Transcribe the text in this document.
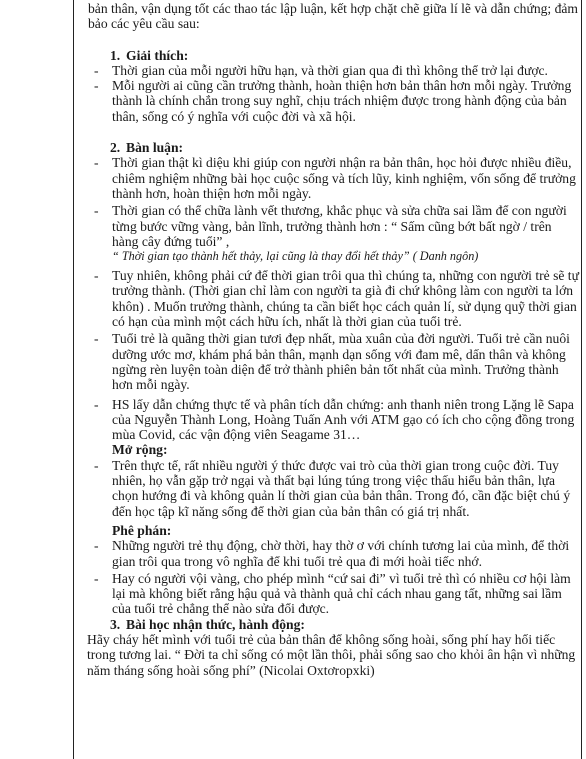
bản thân, vận dụng tốt các thao tác lập luận, kết hợp chặt chẽ giữa lí lẽ và dẫn chứng; đảm bảo các yêu cầu sau:

1. Giải thích:

- Thời gian của mỗi người hữu hạn, và thời gian qua đi thì không thể trở lại được.
- Mỗi người ai cũng cần trưởng thành, hoàn thiện hơn bản thân hơn mỗi ngày. Trưởng thành là chính chắn trong suy nghĩ, chịu trách nhiệm được trong hành động của bản thân, sống có ý nghĩa với cuộc đời và xã hội.

2. Bàn luận:

- Thời gian thật kì diệu khi giúp con người nhận ra bản thân, học hỏi được nhiều điều, chiêm nghiệm những bài học cuộc sống và tích lũy, kinh nghiệm, vốn sống để trưởng thành hơn, hoàn thiện hơn mỗi ngày.
- Thời gian có thể chữa lành vết thương, khắc phục và sửa chữa sai lầm để con người từng bước vững vàng, bản lĩnh, trưởng thành hơn : “ Sấm cũng bớt bất ngờ / trên hàng cây đứng tuổi” ,

“ Thời gian tạo thành hết thảy, lại cũng là thay đổi hết thảy” ( Danh ngôn)

- Tuy nhiên, không phải cứ để thời gian trôi qua thì chúng ta, những con người trẻ sẽ tự trưởng thành. (Thời gian chỉ làm con người ta già đi chứ không làm con người ta lớn khôn) . Muốn trưởng thành, chúng ta cần biết học cách quản lí, sử dụng quỹ thời gian có hạn của mình một cách hữu ích, nhất là thời gian của tuổi trẻ.
- Tuổi trẻ là quãng thời gian tươi đẹp nhất, mùa xuân của đời người. Tuổi trẻ cần nuôi dưỡng ước mơ, khám phá bản thân, mạnh dạn sống với đam mê, dấn thân và không ngừng rèn luyện toàn diện để trở thành phiên bản tốt nhất của mình. Trưởng thành hơn mỗi ngày.
- HS lấy dẫn chứng thực tế và phân tích dẫn chứng: anh thanh niên trong Lặng lẽ Sapa của Nguyễn Thành Long, Hoàng Tuấn Anh với ATM gạo có ích cho cộng đồng trong mùa Covid, các vận động viên Seagame 31…

Mở rộng:

- Trên thực tế, rất nhiều người ý thức được vai trò của thời gian trong cuộc đời. Tuy nhiên, họ vẫn gặp trở ngại và thất bại lúng túng trong việc thấu hiểu bản thân, lựa chọn hướng đi và không quản lí thời gian của bản thân. Trong đó, cần đặc biệt chú ý đến học tập kĩ năng sống để thời gian của bản thân có giá trị nhất.

Phê phán:

- Những người trẻ thụ động, chờ thời, hay thờ ơ với chính tương lai của mình, để thời gian trôi qua trong vô nghĩa để khi tuổi trẻ qua đi mới hoài tiếc nhớ.
- Hay có người vội vàng, cho phép mình “cứ sai đi” vì tuổi trẻ thì có nhiều cơ hội làm lại mà không biết rằng hậu quả và thành quả chỉ cách nhau gang tất, những sai lầm của tuổi trẻ chẳng thể nào sửa đổi được.

3. Bài học nhận thức, hành động:

Hãy cháy hết mình với tuổi trẻ của bản thân để không sống hoài, sống phí hay hối tiếc trong tương lai. “ Đời ta chỉ sống có một lần thôi, phải sống sao cho khỏi ân hận vì những năm tháng sống hoài sống phí” (Nicolai Oxtơropxki)
